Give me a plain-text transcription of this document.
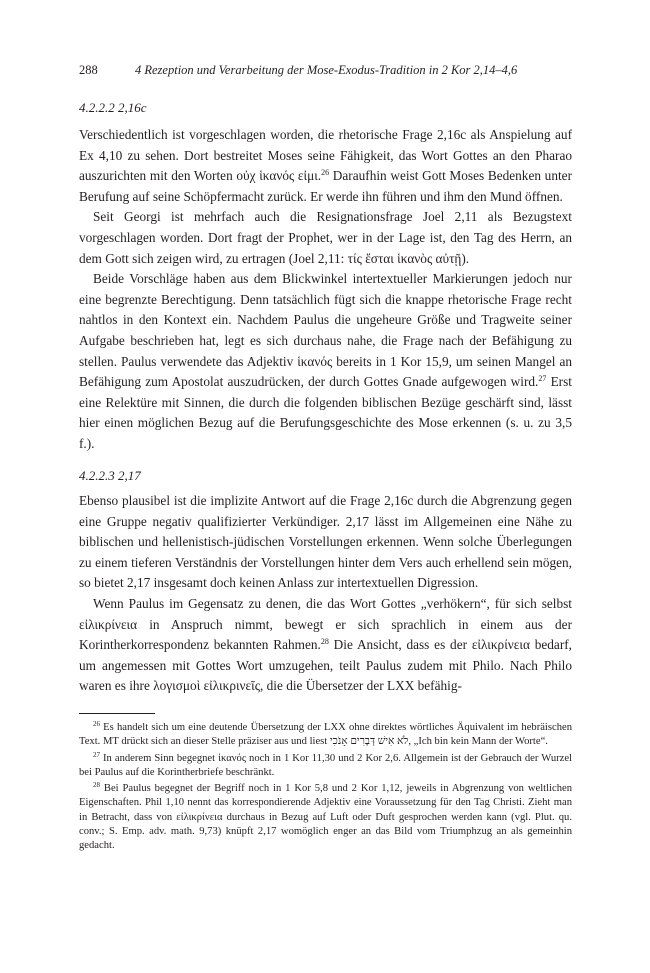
288	4 Rezeption und Verarbeitung der Mose-Exodus-Tradition in 2 Kor 2,14–4,6
4.2.2.2 2,16c

Verschiedentlich ist vorgeschlagen worden, die rhetorische Frage 2,16c als Anspielung auf Ex 4,10 zu sehen. Dort bestreitet Moses seine Fähigkeit, das Wort Gottes an den Pharao auszurichten mit den Worten οὐχ ἱκανός εἰμι.$^{26}$ Daraufhin weist Gott Moses Bedenken unter Berufung auf seine Schöpfermacht zurück. Er werde ihn führen und ihm den Mund öffnen.

Seit Georgi ist mehrfach auch die Resignationsfrage Joel 2,11 als Bezugstext vorgeschlagen worden. Dort fragt der Prophet, wer in der Lage ist, den Tag des Herrn, an dem Gott sich zeigen wird, zu ertragen (Joel 2,11: τίς ἔσται ἱκανὸς αὐτῇ).

Beide Vorschläge haben aus dem Blickwinkel intertextueller Markierungen jedoch nur eine begrenzte Berechtigung. Denn tatsächlich fügt sich die knappe rhetorische Frage recht nahtlos in den Kontext ein. Nachdem Paulus die ungeheure Größe und Tragweite seiner Aufgabe beschrieben hat, legt es sich durchaus nahe, die Frage nach der Befähigung zu stellen. Paulus verwendete das Adjektiv ἱκανός bereits in 1 Kor 15,9, um seinen Mangel an Befähigung zum Apostolat auszudrücken, der durch Gottes Gnade aufgewogen wird.$^{27}$ Erst eine Relektüre mit Sinnen, die durch die folgenden biblischen Bezüge geschärft sind, lässt hier einen möglichen Bezug auf die Berufungsgeschichte des Mose erkennen (s. u. zu 3,5 f.).

4.2.2.3 2,17

Ebenso plausibel ist die implizite Antwort auf die Frage 2,16c durch die Abgrenzung gegen eine Gruppe negativ qualifizierter Verkündiger. 2,17 lässt im Allgemeinen eine Nähe zu biblischen und hellenistisch-jüdischen Vorstellungen erkennen. Wenn solche Überlegungen zu einem tieferen Verständnis der Vorstellungen hinter dem Vers auch erhellend sein mögen, so bietet 2,17 insgesamt doch keinen Anlass zur intertextuellen Digression.

Wenn Paulus im Gegensatz zu denen, die das Wort Gottes „verhökern“, für sich selbst εἰλικρίνεια in Anspruch nimmt, bewegt er sich sprachlich in einem aus der Korintherkorrespondenz bekannten Rahmen.$^{28}$ Die Ansicht, dass es der εἰλικρίνεια bedarf, um angemessen mit Gottes Wort umzugehen, teilt Paulus zudem mit Philo. Nach Philo waren es ihre λογισμοὶ εἰλικρινεῖς, die die Übersetzer der LXX befähig-

$^{26}$ Es handelt sich um eine deutende Übersetzung der LXX ohne direktes wörtliches Äquivalent im hebräischen Text. MT drückt sich an dieser Stelle präziser aus und liest לֹא אִישׁ דְּבָרִים אָנֹכִי, „Ich bin kein Mann der Worte“.

$^{27}$ In anderem Sinn begegnet ἱκανός noch in 1 Kor 11,30 und 2 Kor 2,6. Allgemein ist der Gebrauch der Wurzel bei Paulus auf die Korintherbriefe beschränkt.

$^{28}$ Bei Paulus begegnet der Begriff noch in 1 Kor 5,8 und 2 Kor 1,12, jeweils in Abgrenzung von weltlichen Eigenschaften. Phil 1,10 nennt das korrespondierende Adjektiv eine Voraussetzung für den Tag Christi. Zieht man in Betracht, dass von εἰλικρίνεια durchaus in Bezug auf Luft oder Duft gesprochen werden kann (vgl. Plut. qu. conv.; S. Emp. adv. math. 9,73) knüpft 2,17 womöglich enger an das Bild vom Triumphzug an als gemeinhin gedacht.
